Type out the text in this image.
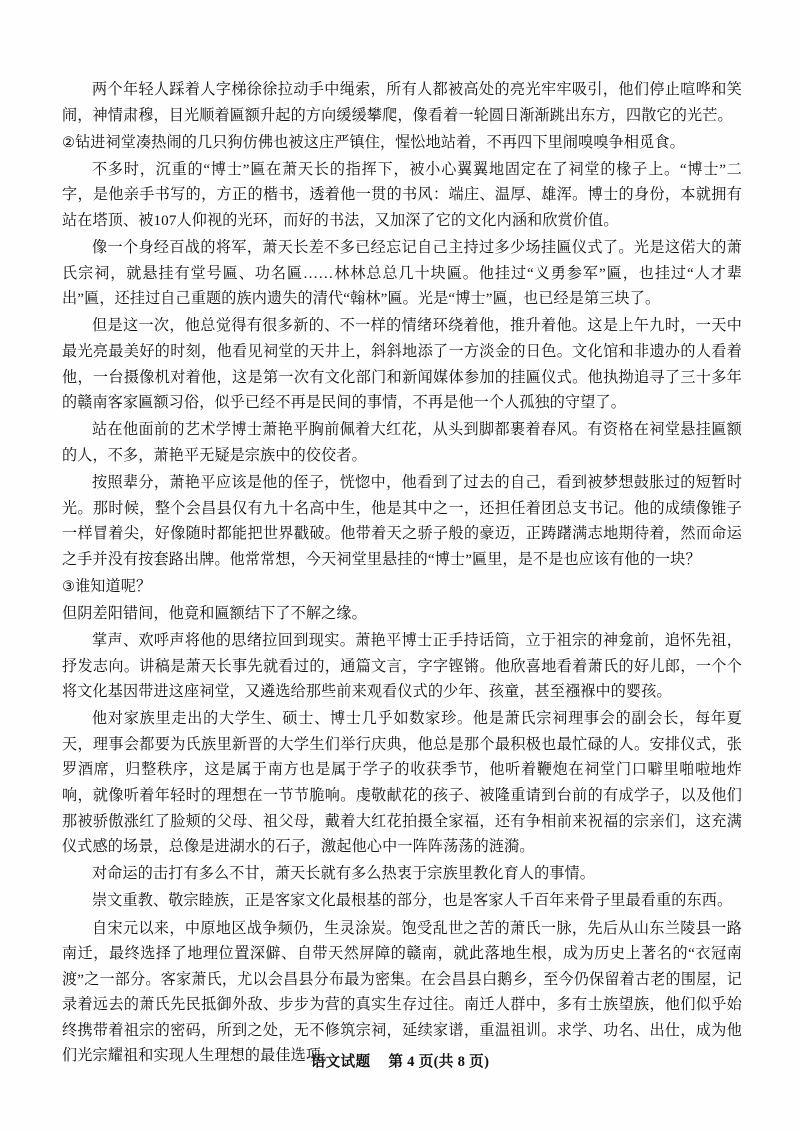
两个年轻人踩着人字梯徐徐拉动手中绳索，所有人都被高处的亮光牢牢吸引，他们停止喧哗和笑闹，神情肃穆，目光顺着匾额升起的方向缓缓攀爬，像看着一轮圆日渐渐跳出东方，四散它的光芒。

②钻进祠堂凑热闹的几只狗仿佛也被这庄严镇住，惺忪地站着，不再四下里闹嗅嗅争相觅食。

不多时，沉重的“博士”匾在萧天长的指挥下，被小心翼翼地固定在了祠堂的椽子上。“博士”二字，是他亲手书写的，方正的楷书，透着他一贯的书风：端庄、温厚、雄浑。博士的身份，本就拥有站在塔顶、被107人仰视的光环，而好的书法，又加深了它的文化内涵和欣赏价值。

像一个身经百战的将军，萧天长差不多已经忘记自己主持过多少场挂匾仪式了。光是这偌大的萧氏宗祠，就悬挂有堂号匾、功名匾……林林总总几十块匾。他挂过“义勇参军”匾，也挂过“人才辈出”匾，还挂过自己重题的族内遗失的清代“翰林”匾。光是“博士”匾，也已经是第三块了。

但是这一次，他总觉得有很多新的、不一样的情绪环绕着他，推升着他。这是上午九时，一天中最光亮最美好的时刻，他看见祠堂的天井上，斜斜地添了一方淡金的日色。文化馆和非遗办的人看着他，一台摄像机对着他，这是第一次有文化部门和新闻媒体参加的挂匾仪式。他执拗追寻了三十多年的赣南客家匾额习俗，似乎已经不再是民间的事情，不再是他一个人孤独的守望了。

站在他面前的艺术学博士萧艳平胸前佩着大红花，从头到脚都裹着春风。有资格在祠堂悬挂匾额的人，不多，萧艳平无疑是宗族中的佼佼者。

按照辈分，萧艳平应该是他的侄子，恍惚中，他看到了过去的自己，看到被梦想鼓胀过的短暂时光。那时候，整个会昌县仅有九十名高中生，他是其中之一，还担任着团总支书记。他的成绩像锥子一样冒着尖，好像随时都能把世界戳破。他带着天之骄子般的豪迈，正踌躇满志地期待着，然而命运之手并没有按套路出牌。他常常想，今天祠堂里悬挂的“博士”匾里，是不是也应该有他的一块？

③谁知道呢？

但阴差阳错间，他竟和匾额结下了不解之缘。

掌声、欢呼声将他的思绪拉回到现实。萧艳平博士正手持话筒，立于祖宗的神龛前，追怀先祖，抒发志向。讲稿是萧天长事先就看过的，通篇文言，字字铿锵。他欣喜地看着萧氏的好儿郎，一个个将文化基因带进这座祠堂，又遴选给那些前来观看仪式的少年、孩童，甚至襁褓中的婴孩。

他对家族里走出的大学生、硕士、博士几乎如数家珍。他是萧氏宗祠理事会的副会长，每年夏天，理事会都要为氏族里新晋的大学生们举行庆典，他总是那个最积极也最忙碌的人。安排仪式，张罗酒席，归整秩序，这是属于南方也是属于学子的收获季节，他听着鞭炮在祠堂门口噼里啪啦地炸响，就像听着年轻时的理想在一节节脆响。虔敬献花的孩子、被隆重请到台前的有成学子，以及他们那被骄傲涨红了脸颊的父母、祖父母，戴着大红花拍摄全家福，还有争相前来祝福的宗亲们，这充满仪式感的场景，总像是进湖水的石子，激起他心中一阵阵荡荡的涟漪。

对命运的击打有多么不甘，萧天长就有多么热衷于宗族里教化育人的事情。

崇文重教、敬宗睦族，正是客家文化最根基的部分，也是客家人千百年来骨子里最看重的东西。

自宋元以来，中原地区战争频仍，生灵涂炭。饱受乱世之苦的萧氏一脉，先后从山东兰陵县一路南迁，最终选择了地理位置深僻、自带天然屏障的赣南，就此落地生根，成为历史上著名的“衣冠南渡”之一部分。客家萧氏，尤以会昌县分布最为密集。在会昌县白鹅乡，至今仍保留着古老的围屋，记录着远去的萧氏先民抵御外敌、步步为营的真实生存过往。南迁人群中，多有士族望族，他们似乎始终携带着祖宗的密码，所到之处，无不修筑宗祠，延续家谱，重温祖训。求学、功名、出仕，成为他们光宗耀祖和实现人生理想的最佳选项。

语文试题 第 4 页(共 8 页)
